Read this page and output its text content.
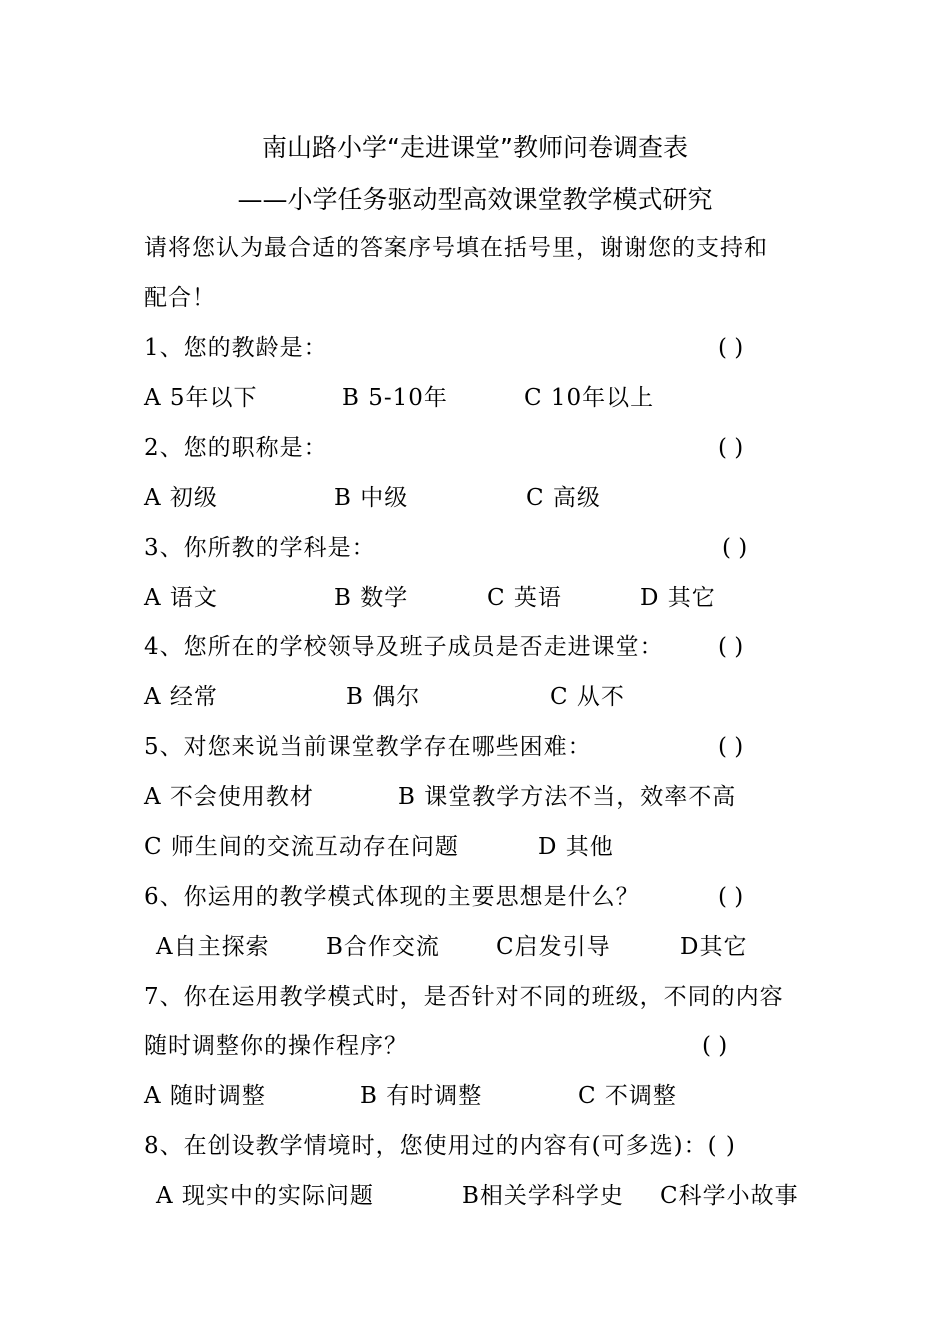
南山路小学“走进课堂”教师问卷调查表
——小学任务驱动型高效课堂教学模式研究
请将您认为最合适的答案序号填在括号里，谢谢您的支持和
配合！
1、您的教龄是：	( )
A 5年以下	B 5-10年	C 10年以上
2、您的职称是：	( )
A 初级	B 中级	C 高级
3、你所教的学科是：	( )
A 语文	B 数学	C 英语	D 其它
4、您所在的学校领导及班子成员是否走进课堂： ( )
A 经常	B 偶尔	C 从不
5、对您来说当前课堂教学存在哪些困难：	( )
A 不会使用教材	B 课堂教学方法不当，效率不高
C 师生间的交流互动存在问题	D 其他
6、你运用的教学模式体现的主要思想是什么？	( )
A自主探索 B合作交流 C启发引导	D其它
7、你在运用教学模式时，是否针对不同的班级，不同的内容
随时调整你的操作程序？	( )
A 随时调整	B 有时调整	C 不调整
8、在创设教学情境时，您使用过的内容有(可多选)：( )
A 现实中的实际问题	B相关学科学史 C科学小故事
